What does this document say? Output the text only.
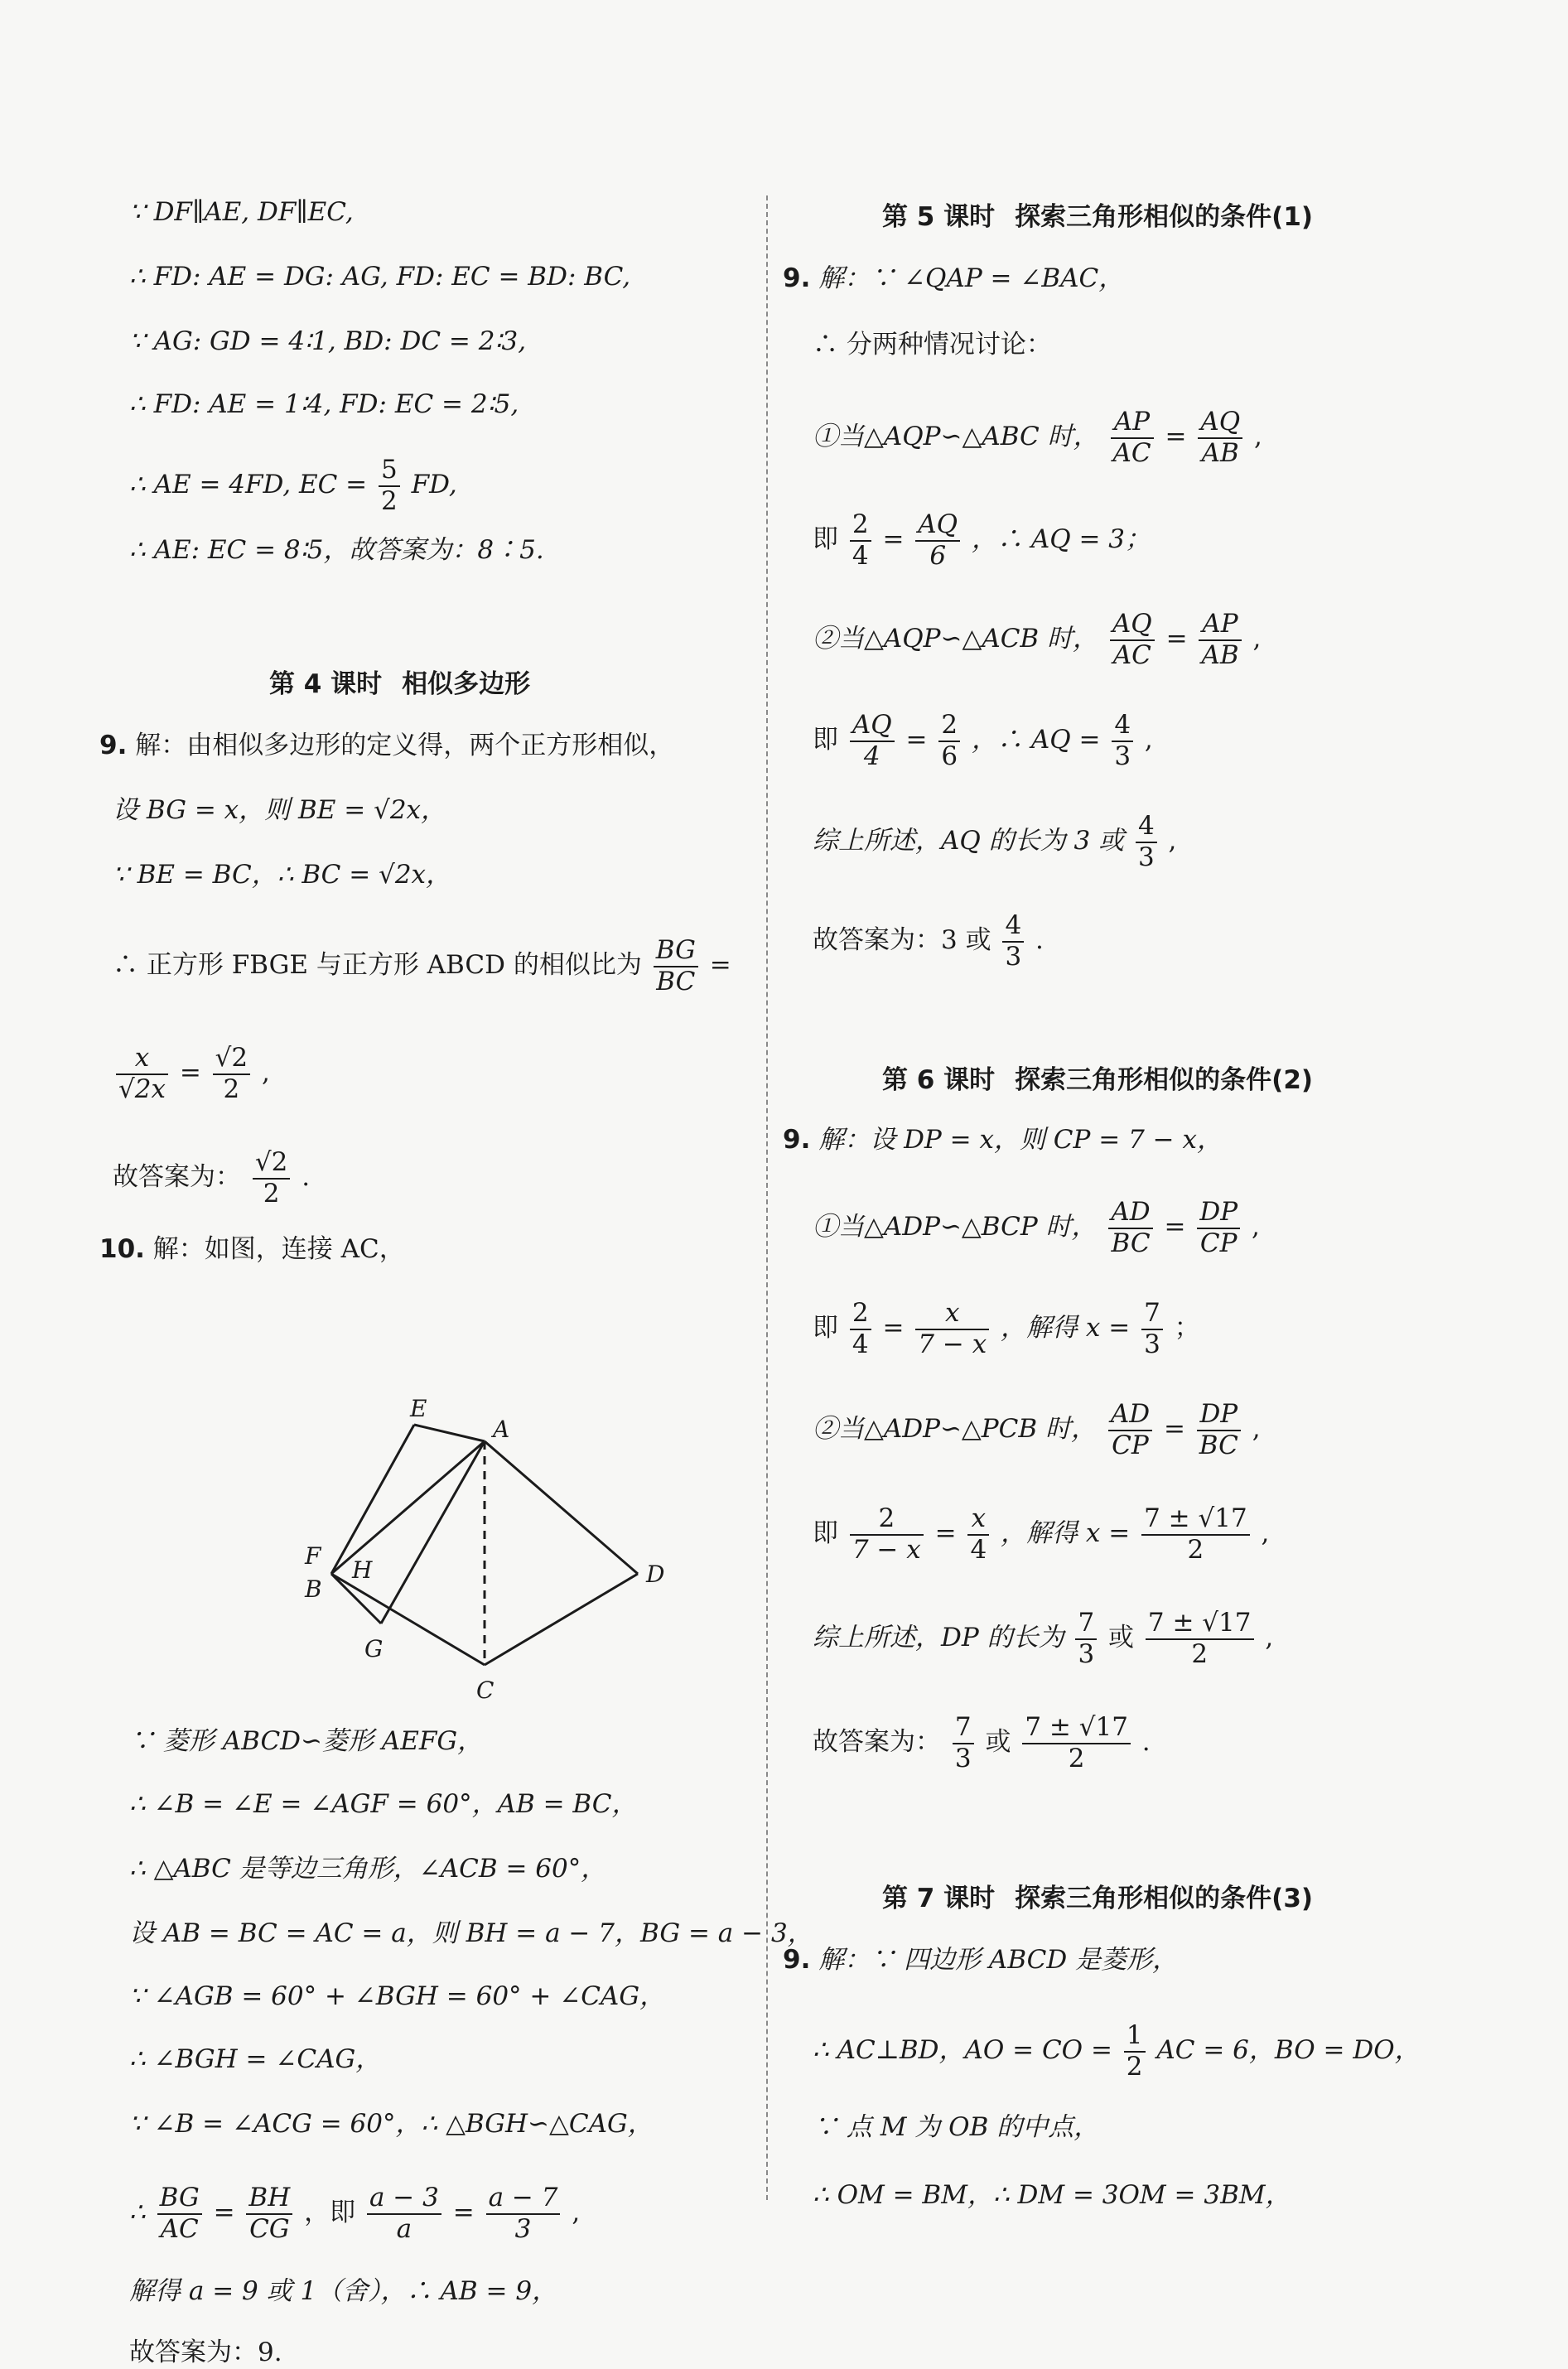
∵ DF∥AE, DF∥EC,
∴ FD: AE = DG: AG, FD: EC = BD: BC,
∵ AG: GD = 4∶1, BD: DC = 2∶3,
∴ FD: AE = 1∶4, FD: EC = 2∶5,
∴ AE = 4FD, EC = $\frac{5}{2}$ FD,
∴ AE: EC = 8∶5，故答案为：8∶5.
第 4 课时 相似多边形
9. 解：由相似多边形的定义得，两个正方形相似，
设 BG = x，则 BE = √2x，
∵ BE = BC，∴ BC = √2x，
∴ 正方形 FBGE 与正方形 ABCD 的相似比为 $\frac{BG}{BC}$ =
$\frac{x}{√2x} = \frac{√2}{2}$ ,
故答案为： $\frac{√2}{2}$ .
10. 解：如图，连接 AC，
E
F
H
A
B
D
G
C
∵ 菱形 ABCD∽菱形 AEFG，
∴ ∠B = ∠E = ∠AGF = 60°，AB = BC，
∴ △ABC 是等边三角形，∠ACB = 60°，
设 AB = BC = AC = a，则 BH = a − 7，BG = a − 3，
∵ ∠AGB = 60° + ∠BGH = 60° + ∠CAG，
∴ ∠BGH = ∠CAG，
∵ ∠B = ∠ACG = 60°，∴ △BGH∽△CAG，
∴ $\frac{BG}{AC} = \frac{BH}{CG}$ ，即 $\frac{a - 3}{a} = \frac{a - 7}{3}$ ,
解得 a = 9 或 1（舍），∴ AB = 9，
故答案为：9.
第 5 课时 探索三角形相似的条件(1)
9. 解：∵ ∠QAP = ∠BAC，
∴ 分两种情况讨论：
①当△AQP∽△ABC 时， $\frac{AP}{AC} = \frac{AQ}{AB}$ ,
即 $\frac{2}{4} = \frac{AQ}{6}$ ，∴ AQ = 3；
②当△AQP∽△ACB 时， $\frac{AQ}{AC} = \frac{AP}{AB}$ ,
即 $\frac{AQ}{4} = \frac{2}{6}$ ，∴ AQ = $\frac{4}{3}$ ,
综上所述，AQ 的长为 3 或 $\frac{4}{3}$ ,
故答案为：3 或 $\frac{4}{3}$ .
第 6 课时 探索三角形相似的条件(2)
9. 解：设 DP = x，则 CP = 7 − x，
①当△ADP∽△BCP 时， $\frac{AD}{BC} = \frac{DP}{CP}$ ,
即 $\frac{2}{4} = \frac{x}{7 - x}$ ，解得 $x = \frac{7}{3}$ ；
②当△ADP∽△PCB 时， $\frac{AD}{CP} = \frac{DP}{BC}$ ,
即 $\frac{2}{7 - x} = \frac{x}{4}$ ，解得 $x = \frac{7 \pm √17}{2}$ ,
综上所述，DP 的长为 $\frac{7}{3}$ 或 $\frac{7 \pm √17}{2}$ ,
故答案为： $\frac{7}{3}$ 或 $\frac{7 \pm √17}{2}$ .
第 7 课时 探索三角形相似的条件(3)
9. 解：∵ 四边形 ABCD 是菱形，
∴ AC⊥BD，AO = CO = $\frac{1}{2}$ AC = 6，BO = DO，
∵ 点 M 为 OB 的中点，
∴ OM = BM，∴ DM = 3OM = 3BM，
